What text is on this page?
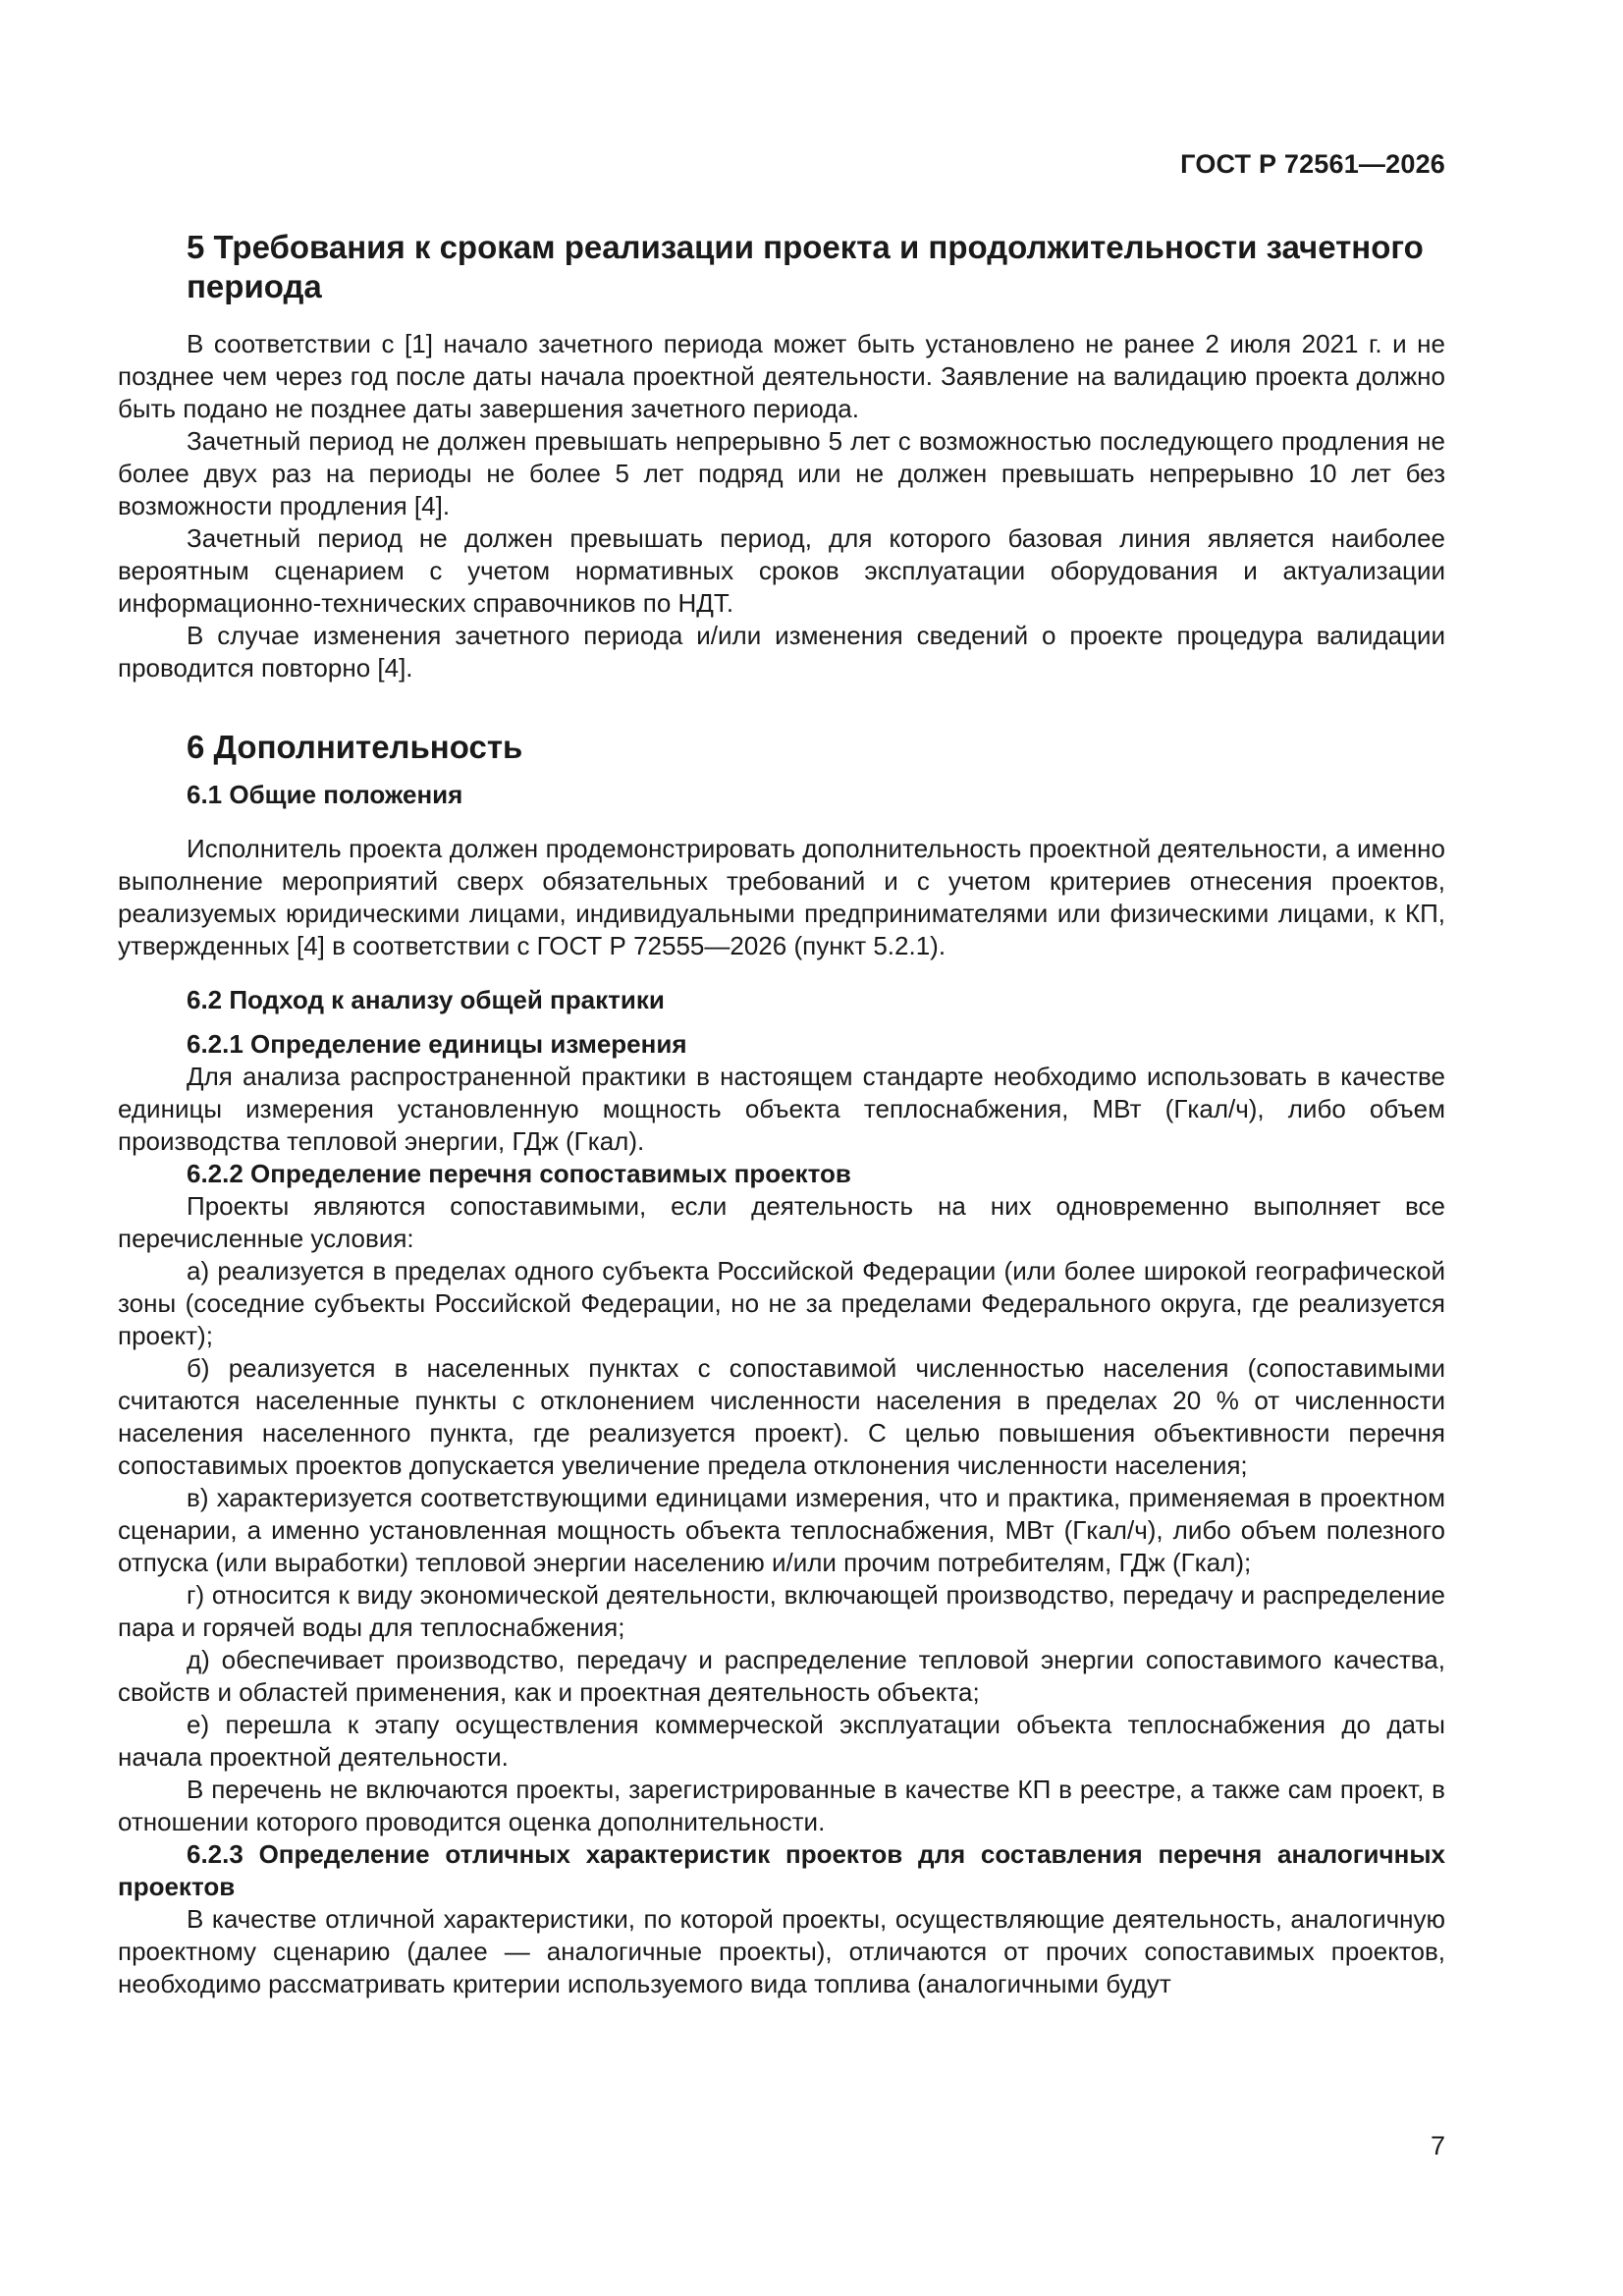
ГОСТ Р 72561—2026
5 Требования к срокам реализации проекта и продолжительности зачетного периода

В соответствии с [1] начало зачетного периода может быть установлено не ранее 2 июля 2021 г. и не позднее чем через год после даты начала проектной деятельности. Заявление на валидацию проекта должно быть подано не позднее даты завершения зачетного периода.

Зачетный период не должен превышать непрерывно 5 лет с возможностью последующего продления не более двух раз на периоды не более 5 лет подряд или не должен превышать непрерывно 10 лет без возможности продления [4].

Зачетный период не должен превышать период, для которого базовая линия является наиболее вероятным сценарием с учетом нормативных сроков эксплуатации оборудования и актуализации информационно-технических справочников по НДТ.

В случае изменения зачетного периода и/или изменения сведений о проекте процедура валидации проводится повторно [4].

6 Дополнительность
6.1 Общие положения

Исполнитель проекта должен продемонстрировать дополнительность проектной деятельности, а именно выполнение мероприятий сверх обязательных требований и с учетом критериев отнесения проектов, реализуемых юридическими лицами, индивидуальными предпринимателями или физическими лицами, к КП, утвержденных [4] в соответствии с ГОСТ Р 72555—2026 (пункт 5.2.1).

6.2 Подход к анализу общей практики
6.2.1 Определение единицы измерения

Для анализа распространенной практики в настоящем стандарте необходимо использовать в качестве единицы измерения установленную мощность объекта теплоснабжения, МВт (Гкал/ч), либо объем производства тепловой энергии, ГДж (Гкал).

6.2.2 Определение перечня сопоставимых проектов

Проекты являются сопоставимыми, если деятельность на них одновременно выполняет все перечисленные условия:

а) реализуется в пределах одного субъекта Российской Федерации (или более широкой географической зоны (соседние субъекты Российской Федерации, но не за пределами Федерального округа, где реализуется проект);

б) реализуется в населенных пунктах с сопоставимой численностью населения (сопоставимыми считаются населенные пункты с отклонением численности населения в пределах 20 % от численности населения населенного пункта, где реализуется проект). С целью повышения объективности перечня сопоставимых проектов допускается увеличение предела отклонения численности населения;

в) характеризуется соответствующими единицами измерения, что и практика, применяемая в проектном сценарии, а именно установленная мощность объекта теплоснабжения, МВт (Гкал/ч), либо объем полезного отпуска (или выработки) тепловой энергии населению и/или прочим потребителям, ГДж (Гкал);

г) относится к виду экономической деятельности, включающей производство, передачу и распределение пара и горячей воды для теплоснабжения;

д) обеспечивает производство, передачу и распределение тепловой энергии сопоставимого качества, свойств и областей применения, как и проектная деятельность объекта;

е) перешла к этапу осуществления коммерческой эксплуатации объекта теплоснабжения до даты начала проектной деятельности.

В перечень не включаются проекты, зарегистрированные в качестве КП в реестре, а также сам проект, в отношении которого проводится оценка дополнительности.

6.2.3 Определение отличных характеристик проектов для составления перечня аналогичных проектов

В качестве отличной характеристики, по которой проекты, осуществляющие деятельность, аналогичную проектному сценарию (далее — аналогичные проекты), отличаются от прочих сопоставимых проектов, необходимо рассматривать критерии используемого вида топлива (аналогичными будут

7
